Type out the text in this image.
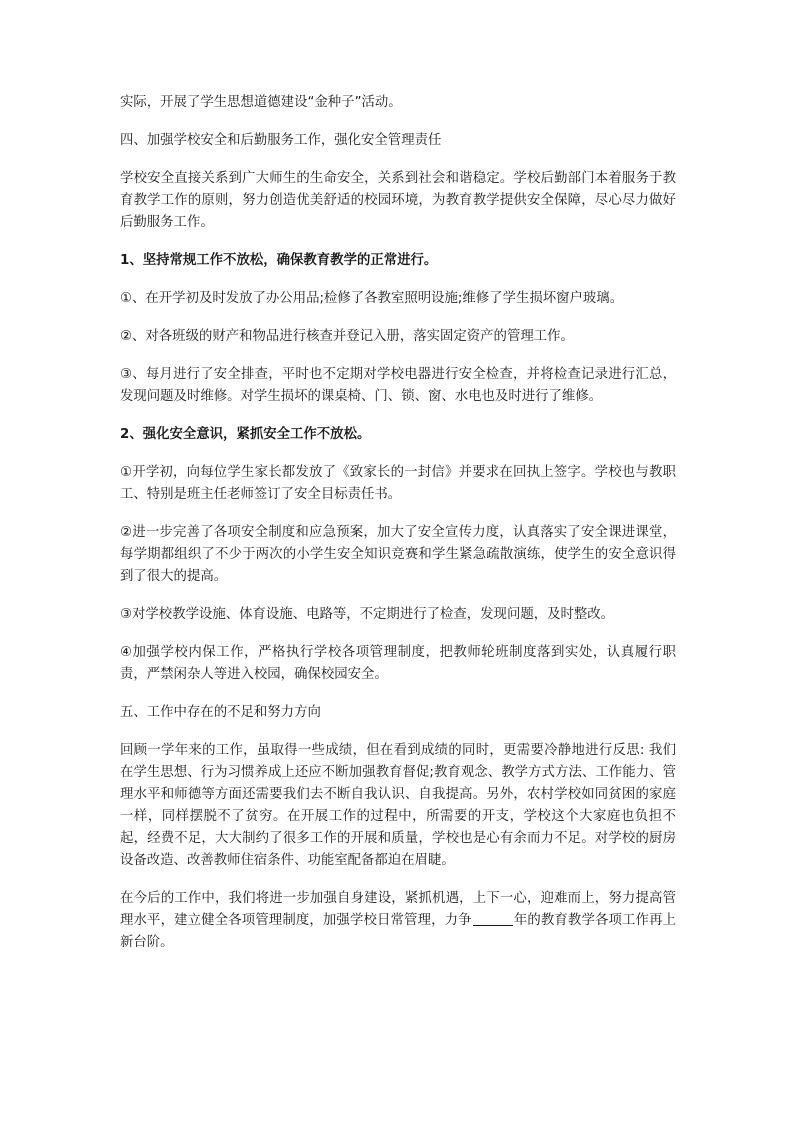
实际，开展了学生思想道德建设“金种子”活动。

四、加强学校安全和后勤服务工作，强化安全管理责任

学校安全直接关系到广大师生的生命安全，关系到社会和谐稳定。学校后勤部门本着服务于教育教学工作的原则，努力创造优美舒适的校园环境，为教育教学提供安全保障，尽心尽力做好后勤服务工作。

1、坚持常规工作不放松，确保教育教学的正常进行。

①、在开学初及时发放了办公用品;检修了各教室照明设施;维修了学生损坏窗户玻璃。

②、对各班级的财产和物品进行核查并登记入册，落实固定资产的管理工作。

③、每月进行了安全排查，平时也不定期对学校电器进行安全检查，并将检查记录进行汇总，发现问题及时维修。对学生损坏的课桌椅、门、锁、窗、水电也及时进行了维修。

2、强化安全意识，紧抓安全工作不放松。

①开学初，向每位学生家长都发放了《致家长的一封信》并要求在回执上签字。学校也与教职工、特别是班主任老师签订了安全目标责任书。

②进一步完善了各项安全制度和应急预案，加大了安全宣传力度，认真落实了安全课进课堂，每学期都组织了不少于两次的小学生安全知识竞赛和学生紧急疏散演练，使学生的安全意识得到了很大的提高。

③对学校教学设施、体育设施、电路等，不定期进行了检查，发现问题，及时整改。

④加强学校内保工作，严格执行学校各项管理制度，把教师轮班制度落到实处，认真履行职责，严禁闲杂人等进入校园，确保校园安全。

五、工作中存在的不足和努力方向

回顾一学年来的工作，虽取得一些成绩，但在看到成绩的同时，更需要冷静地进行反思: 我们在学生思想、行为习惯养成上还应不断加强教育督促;教育观念、教学方式方法、工作能力、管理水平和师德等方面还需要我们去不断自我认识、自我提高。另外，农村学校如同贫困的家庭一样，同样摆脱不了贫穷。在开展工作的过程中，所需要的开支，学校这个大家庭也负担不起，经费不足，大大制约了很多工作的开展和质量，学校也是心有余而力不足。对学校的厨房设备改造、改善教师住宿条件、功能室配备都迫在眉睫。

在今后的工作中，我们将进一步加强自身建设，紧抓机遇，上下一心，迎难而上，努力提高管理水平，建立健全各项管理制度，加强学校日常管理，力争	年的教育教学各项工作再上新台阶。
